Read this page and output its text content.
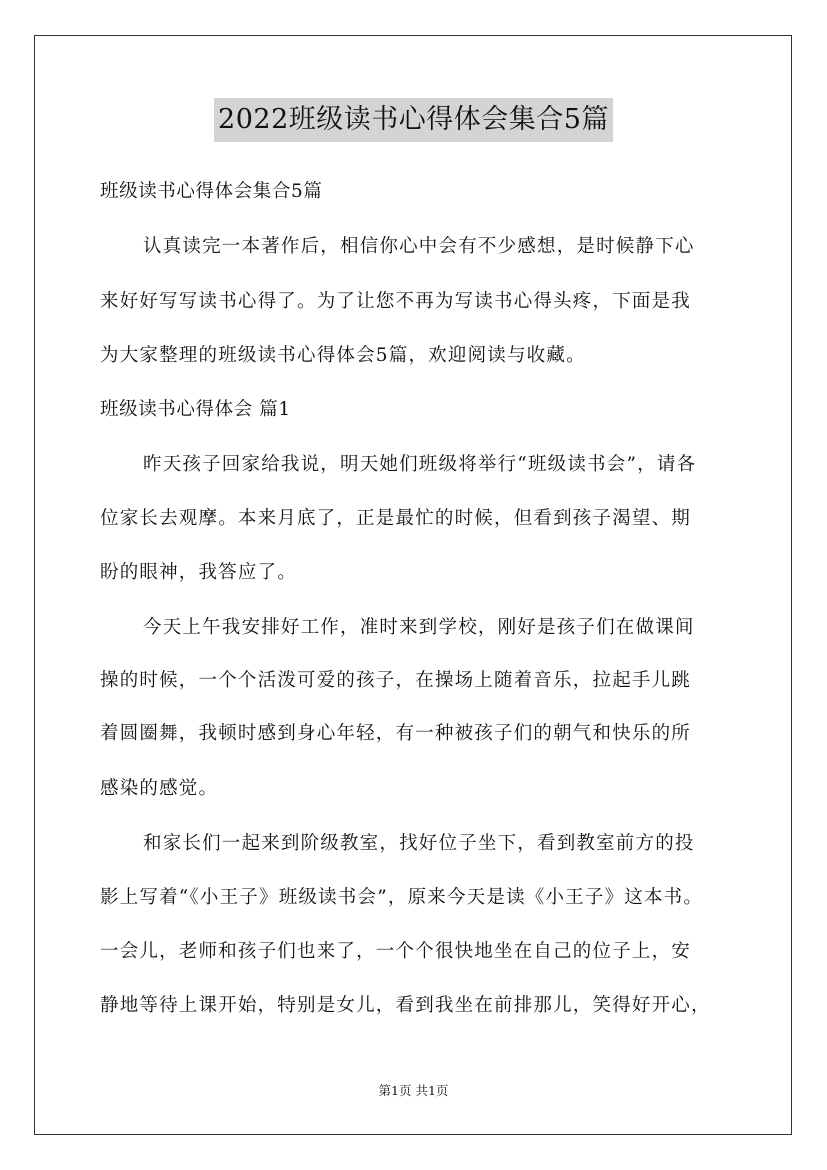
2022班级读书心得体会集合5篇
班级读书心得体会集合5篇
认真读完一本著作后，相信你心中会有不少感想，是时候静下心
来好好写写读书心得了。为了让您不再为写读书心得头疼，下面是我
为大家整理的班级读书心得体会5篇，欢迎阅读与收藏。
班级读书心得体会 篇1
昨天孩子回家给我说，明天她们班级将举行“班级读书会”，请各
位家长去观摩。本来月底了，正是最忙的时候，但看到孩子渴望、期
盼的眼神，我答应了。
今天上午我安排好工作，准时来到学校，刚好是孩子们在做课间
操的时候，一个个活泼可爱的孩子，在操场上随着音乐，拉起手儿跳
着圆圈舞，我顿时感到身心年轻，有一种被孩子们的朝气和快乐的所
感染的感觉。
和家长们一起来到阶级教室，找好位子坐下，看到教室前方的投
影上写着“《小王子》班级读书会”，原来今天是读《小王子》这本书。
一会儿，老师和孩子们也来了，一个个很快地坐在自己的位子上，安
静地等待上课开始，特别是女儿，看到我坐在前排那儿，笑得好开心，
第1页 共1页
